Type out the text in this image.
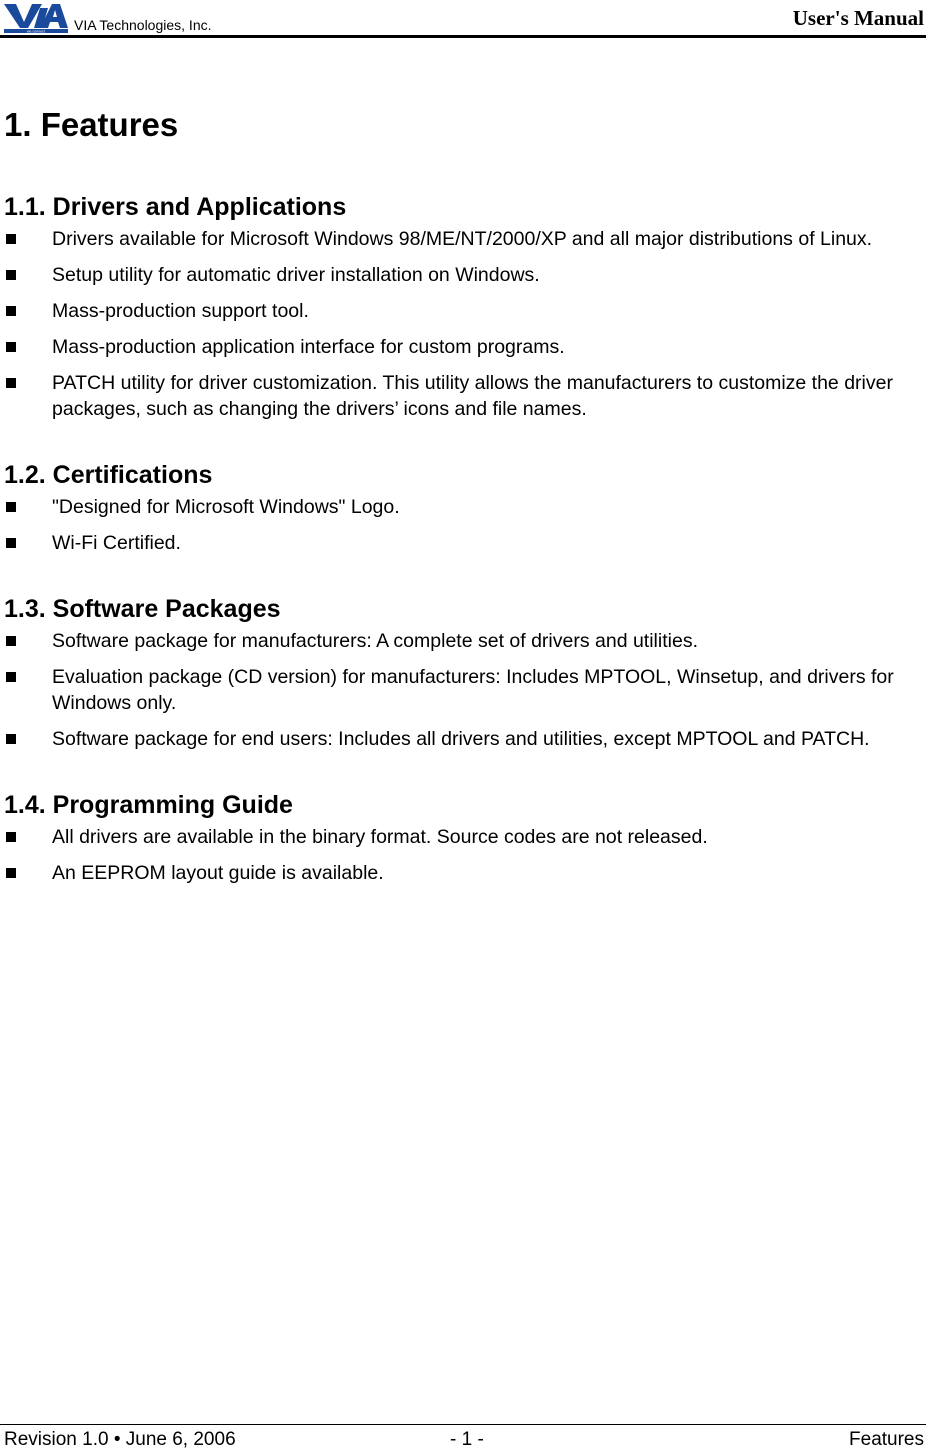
we connect VIA Technologies, Inc.	User's Manual
1. Features
1.1. Drivers and Applications
Drivers available for Microsoft Windows 98/ME/NT/2000/XP and all major distributions of Linux.
Setup utility for automatic driver installation on Windows.
Mass-production support tool.
Mass-production application interface for custom programs.
PATCH utility for driver customization. This utility allows the manufacturers to customize the driver packages, such as changing the drivers’ icons and file names.
1.2. Certifications
"Designed for Microsoft Windows" Logo.
Wi-Fi Certified.
1.3. Software Packages
Software package for manufacturers: A complete set of drivers and utilities.
Evaluation package (CD version) for manufacturers: Includes MPTOOL, Winsetup, and drivers for Windows only.
Software package for end users: Includes all drivers and utilities, except MPTOOL and PATCH.
1.4. Programming Guide
All drivers are available in the binary format. Source codes are not released.
An EEPROM layout guide is available.
Revision 1.0 • June 6, 2006	- 1 -	Features
